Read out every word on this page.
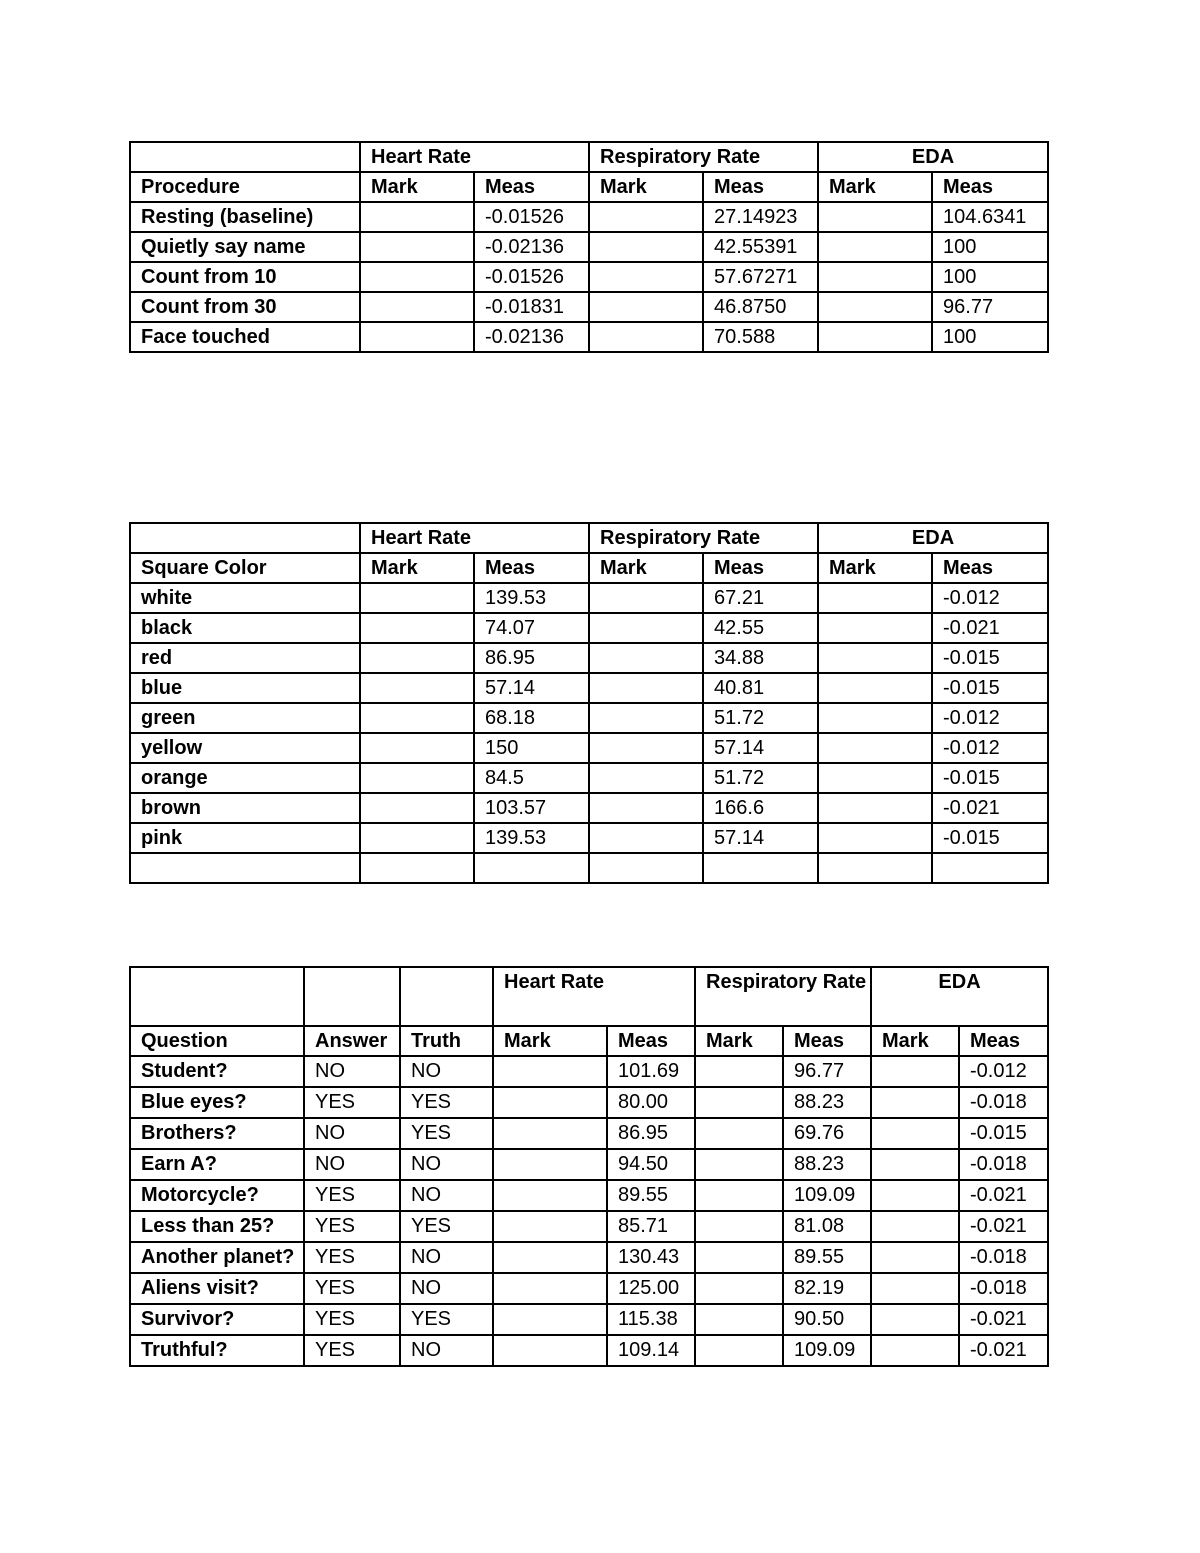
	Heart Rate		Respiratory Rate		EDA	
Procedure	Mark	Meas	Mark	Meas	Mark	Meas
Resting (baseline)		-0.01526		27.14923		104.6341
Quietly say name		-0.02136		42.55391		100
Count from 10		-0.01526		57.67271		100
Count from 30		-0.01831		46.8750		96.77
Face touched		-0.02136		70.588		100
	Heart Rate		Respiratory Rate		EDA	
Square Color	Mark	Meas	Mark	Meas	Mark	Meas
white		139.53		67.21		-0.012
black		74.07		42.55		-0.021
red		86.95		34.88		-0.015
blue		57.14		40.81		-0.015
green		68.18		51.72		-0.012
yellow		150		57.14		-0.012
orange		84.5		51.72		-0.015
brown		103.57		166.6		-0.021
pink		139.53		57.14		-0.015

			Heart Rate		Respiratory Rate		EDA	
Question	Answer	Truth	Mark	Meas	Mark	Meas	Mark	Meas
Student?	NO	NO		101.69		96.77		-0.012
Blue eyes?	YES	YES		80.00		88.23		-0.018
Brothers?	NO	YES		86.95		69.76		-0.015
Earn A?	NO	NO		94.50		88.23		-0.018
Motorcycle?	YES	NO		89.55		109.09		-0.021
Less than 25?	YES	YES		85.71		81.08		-0.021
Another planet?	YES	NO		130.43		89.55		-0.018
Aliens visit?	YES	NO		125.00		82.19		-0.018
Survivor?	YES	YES		115.38		90.50		-0.021
Truthful?	YES	NO		109.14		109.09		-0.021
